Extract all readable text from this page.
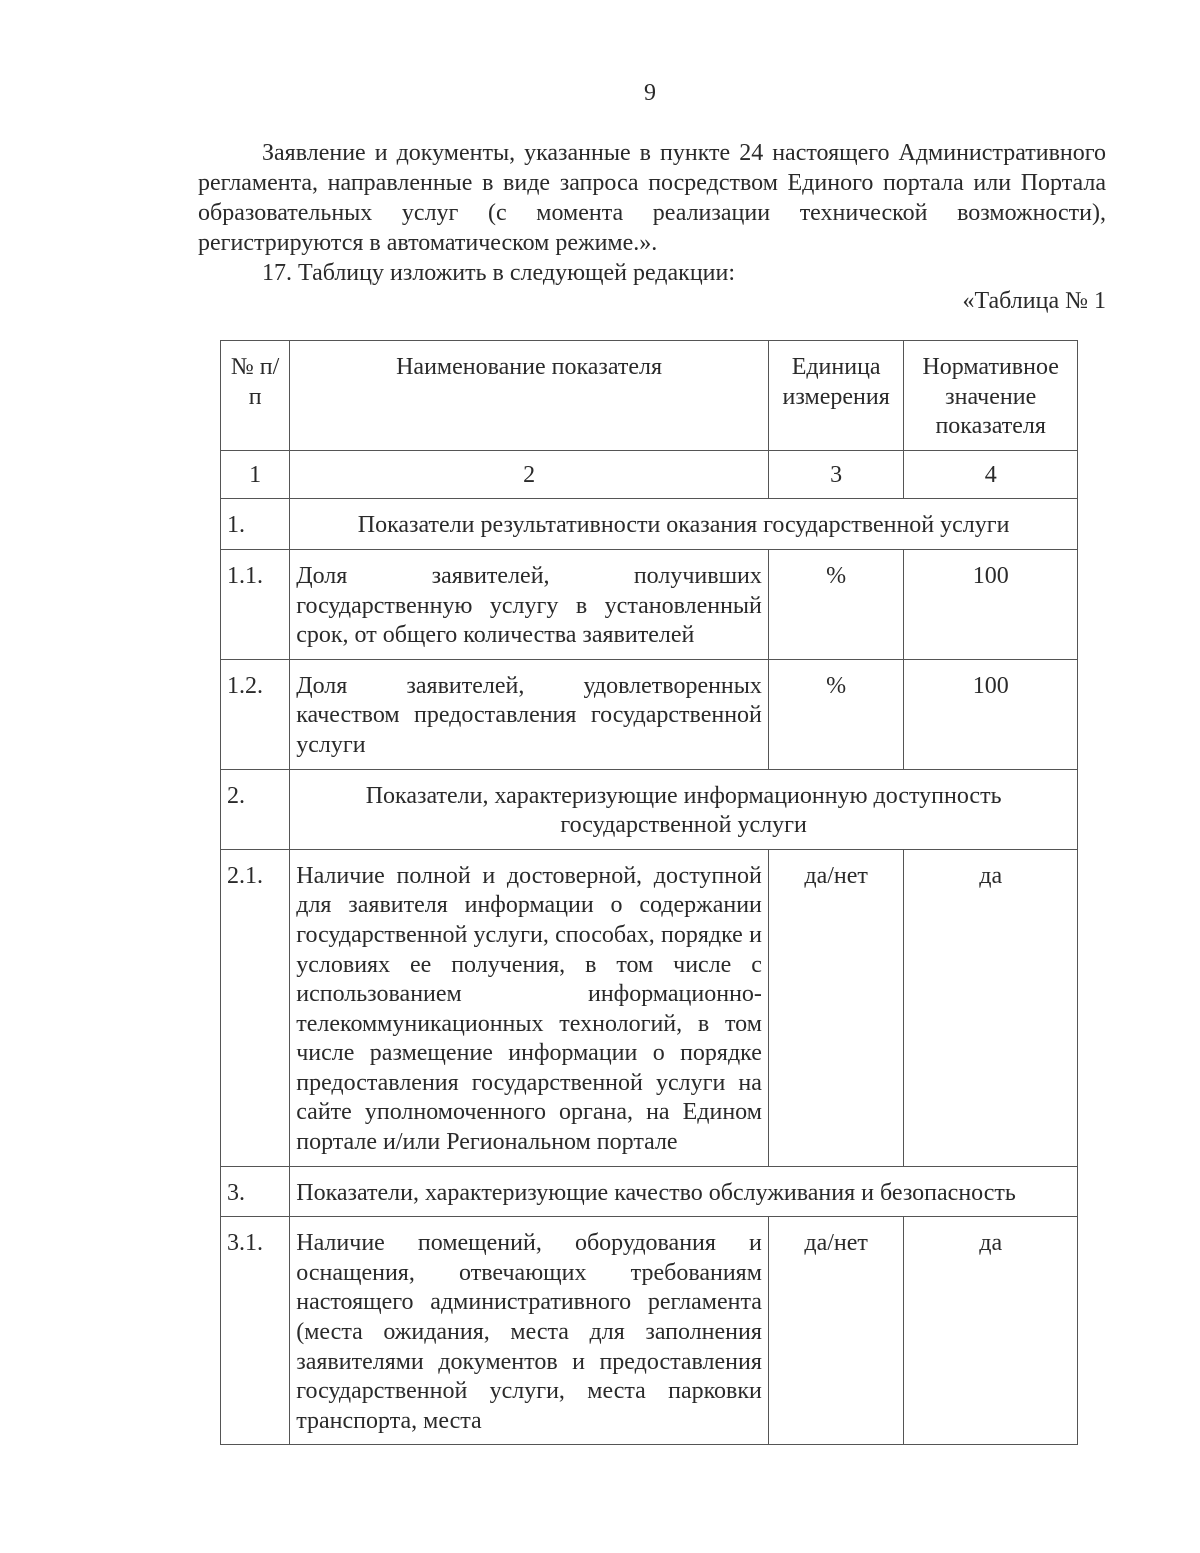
9
Заявление и документы, указанные в пункте 24 настоящего Административного регламента, направленные в виде запроса посредством Единого портала или Портала образовательных услуг (с момента реализации технической возможности), регистрируются в автоматическом режиме.».
17. Таблицу изложить в следующей редакции:
«Таблица № 1
№ п/п	Наименование показателя	Единица измерения	Нормативное значение показателя
1	2	3	4
1.	Показатели результативности оказания государственной услуги		
1.1.	Доля заявителей, получивших государственную услугу в установленный срок, от общего количества заявителей	%	100
1.2.	Доля заявителей, удовлетворенных качеством предоставления государственной услуги	%	100
2.	Показатели, характеризующие информационную доступность государственной услуги		
2.1.	Наличие полной и достоверной, доступной для заявителя информации о содержании государственной услуги, способах, порядке и условиях ее получения, в том числе с использованием информационно-телекоммуникационных технологий, в том числе размещение информации о порядке предоставления государственной услуги на сайте уполномоченного органа, на Едином портале и/или Региональном портале	да/нет	да
3.	Показатели, характеризующие качество обслуживания и безопасность		
3.1.	Наличие помещений, оборудования и оснащения, отвечающих требованиям настоящего административного регламента (места ожидания, места для заполнения заявителями документов и предоставления государственной услуги, места парковки транспорта, места	да/нет	да
